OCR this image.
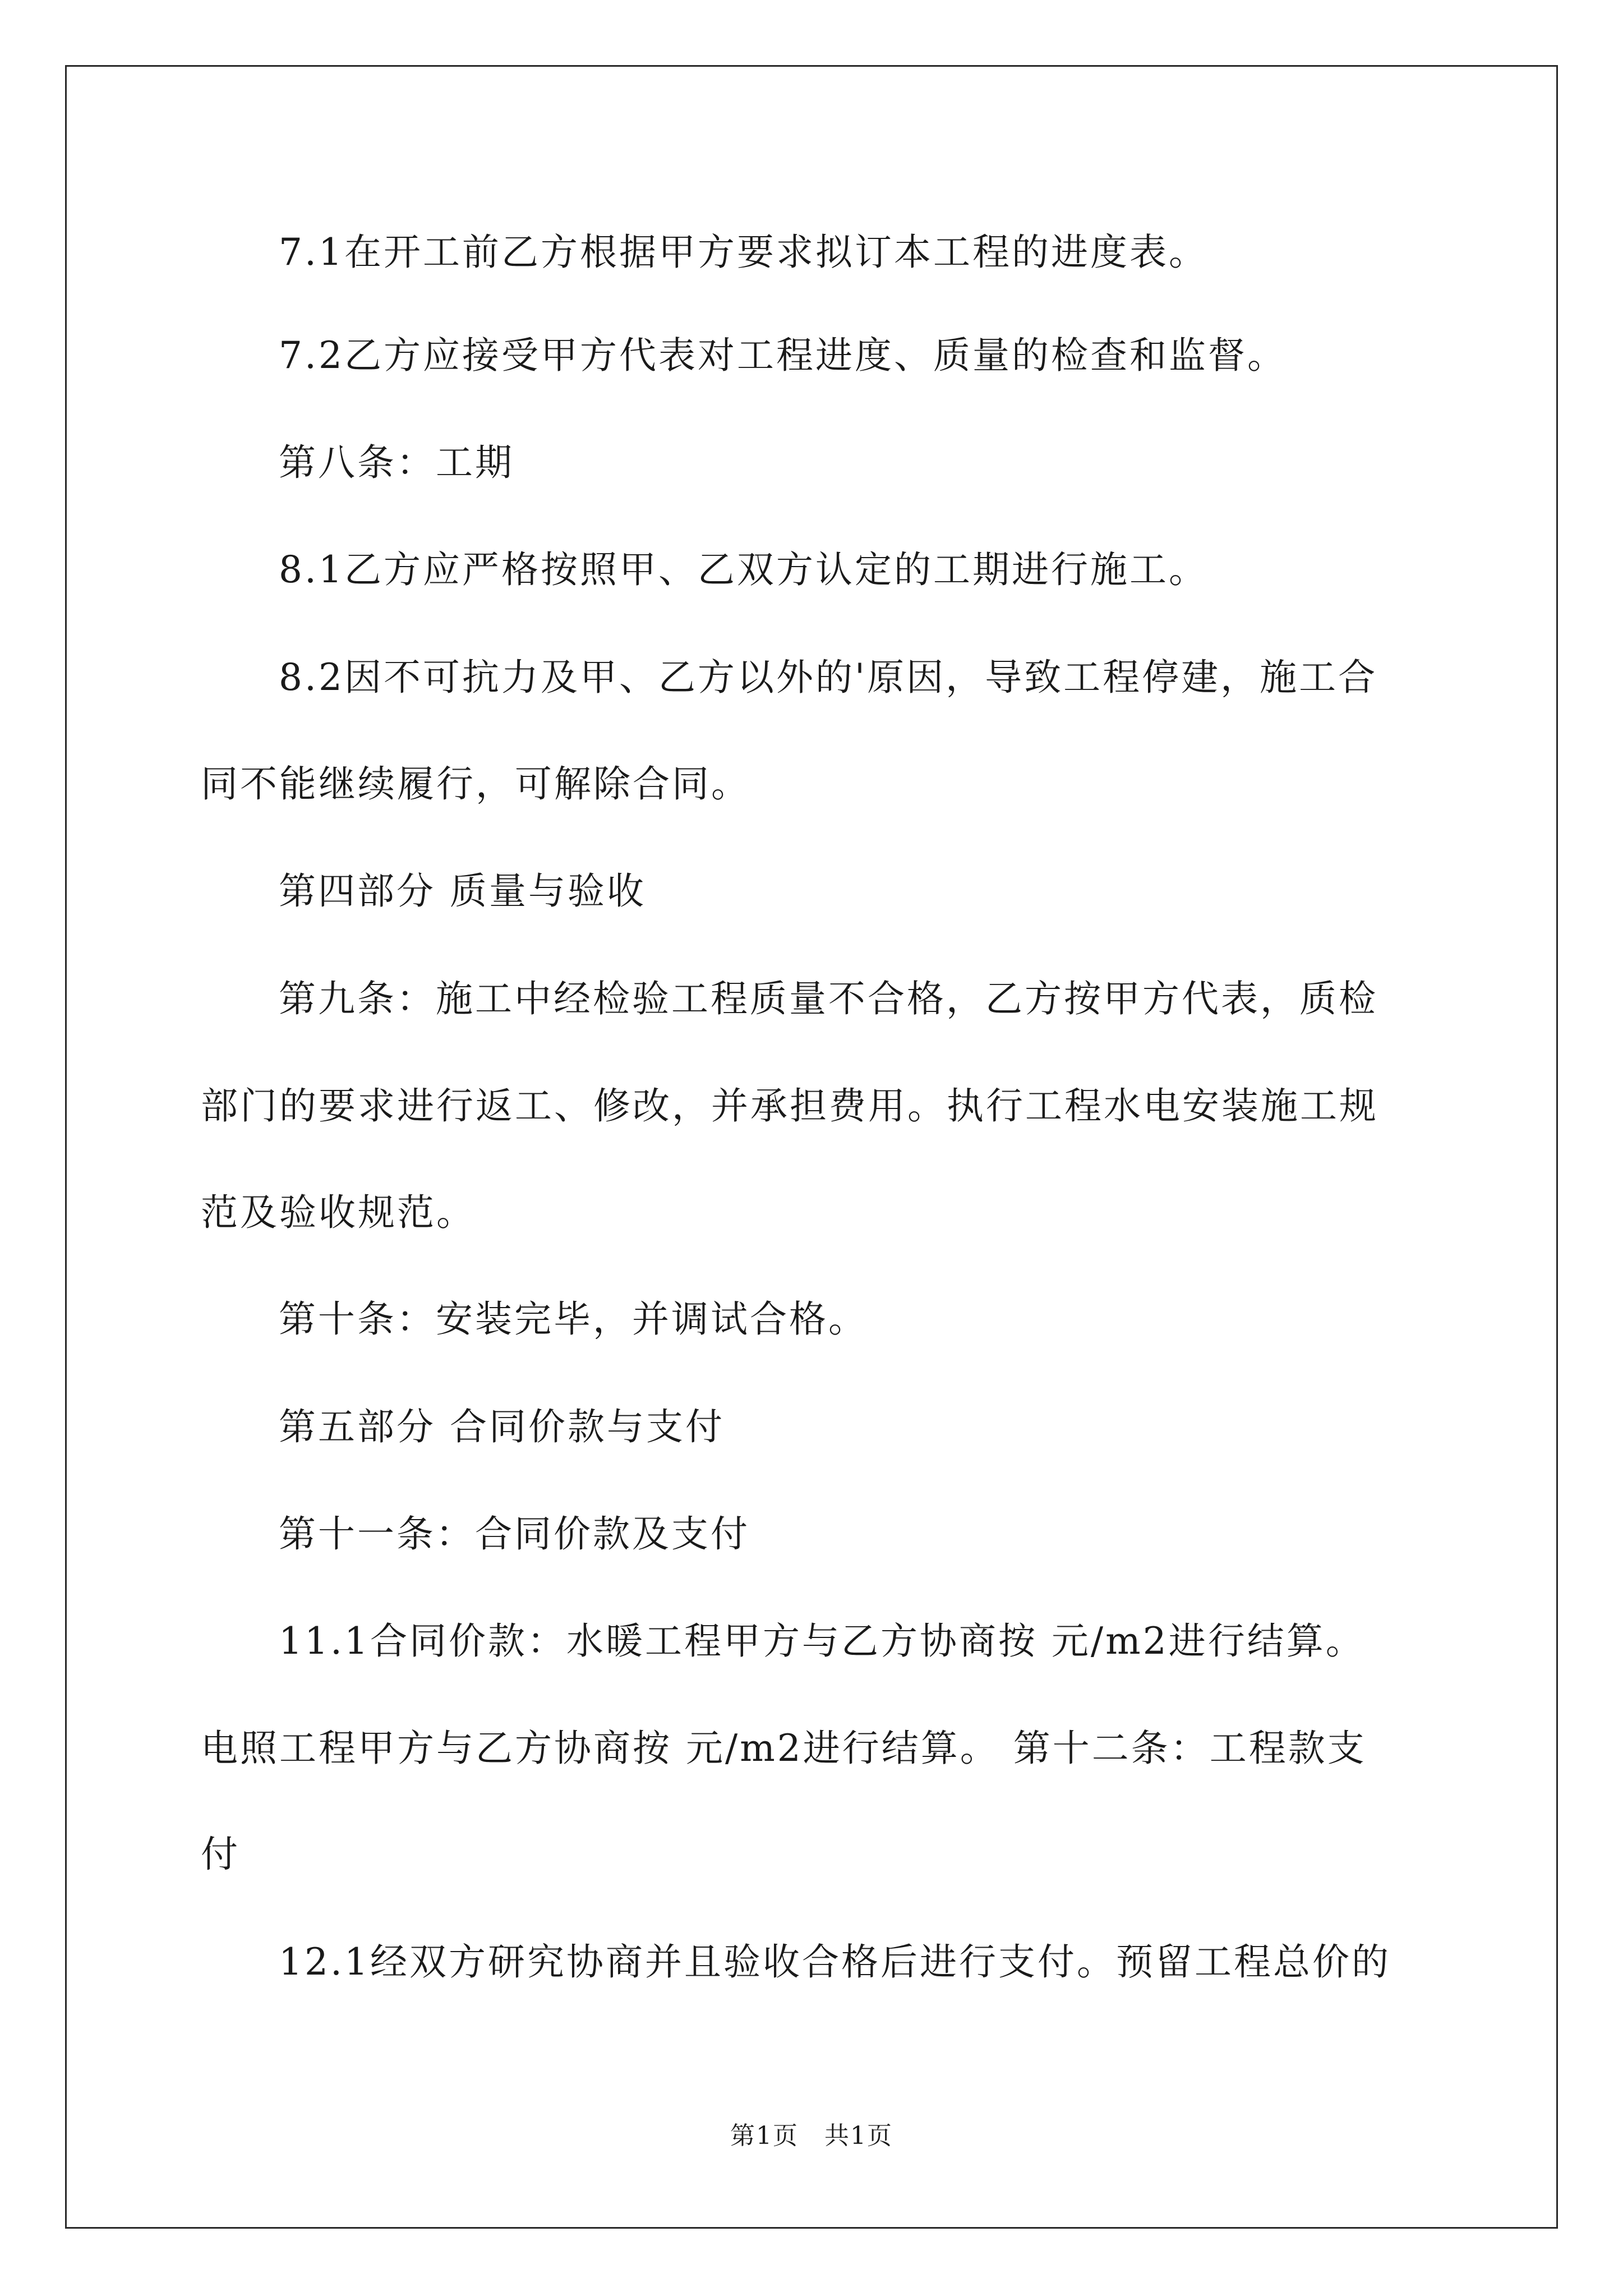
7.1在开工前乙方根据甲方要求拟订本工程的进度表。
7.2乙方应接受甲方代表对工程进度、质量的检查和监督。
第八条：工期
8.1乙方应严格按照甲、乙双方认定的工期进行施工。
8.2因不可抗力及甲、乙方以外的'原因，导致工程停建，施工合
同不能继续履行，可解除合同。
第四部分 质量与验收
第九条：施工中经检验工程质量不合格，乙方按甲方代表，质检
部门的要求进行返工、修改，并承担费用。执行工程水电安装施工规
范及验收规范。
第十条：安装完毕，并调试合格。
第五部分 合同价款与支付
第十一条：合同价款及支付
11.1合同价款：水暖工程甲方与乙方协商按 元/m2进行结算。
电照工程甲方与乙方协商按 元/m2进行结算。 第十二条：工程款支
付
12.1经双方研究协商并且验收合格后进行支付。预留工程总价的
第1页　共1页
